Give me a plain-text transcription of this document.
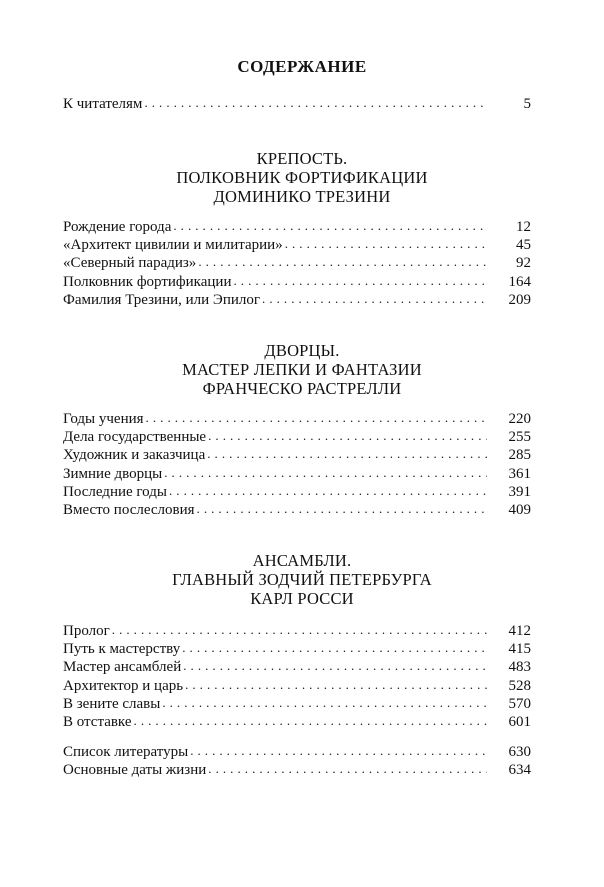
СОДЕРЖАНИЕ
К читателям . . .	5
КРЕПОСТЬ.
ПОЛКОВНИК ФОРТИФИКАЦИИ
ДОМИНИКО ТРЕЗИНИ
Рождение города . . .	12
«Архитект цивилии и милитарии» . . .	45
«Северный парадиз» . . .	92
Полковник фортификации . . .	164
Фамилия Трезини, или Эпилог . . .	209
ДВОРЦЫ.
МАСТЕР ЛЕПКИ И ФАНТАЗИИ
ФРАНЧЕСКО РАСТРЕЛЛИ
Годы учения . . .	220
Дела государственные . . .	255
Художник и заказчица . . .	285
Зимние дворцы . . .	361
Последние годы . . .	391
Вместо послесловия . . .	409
АНСАМБЛИ.
ГЛАВНЫЙ ЗОДЧИЙ ПЕТЕРБУРГА
КАРЛ РОССИ
Пролог . . .	412
Путь к мастерству . . .	415
Мастер ансамблей . . .	483
Архитектор и царь . . .	528
В зените славы . . .	570
В отставке . . .	601
Список литературы . . .	630
Основные даты жизни . . .	634
